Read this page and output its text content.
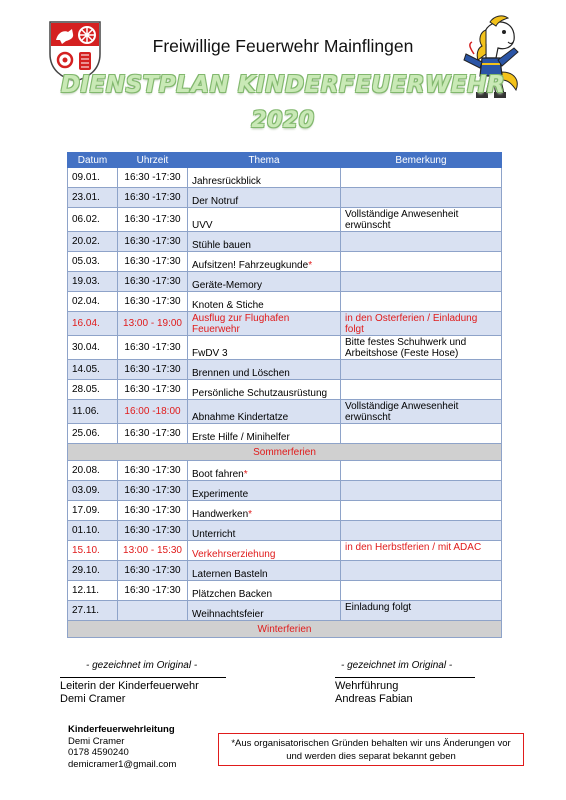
Freiwillige Feuerwehr Mainflingen
DIENSTPLAN KINDERFEUERWEHR
2020
Datum	Uhrzeit	Thema	Bemerkung
09.01.	16:30 -17:30	Jahresrückblick	
23.01.	16:30 -17:30	Der Notruf	
06.02.	16:30 -17:30	UVV	Vollständige Anwesenheit erwünscht
20.02.	16:30 -17:30	Stühle bauen	
05.03.	16:30 -17:30	Aufsitzen! Fahrzeugkunde*	
19.03.	16:30 -17:30	Geräte-Memory	
02.04.	16:30 -17:30	Knoten & Stiche	
16.04.	13:00 - 19:00	Ausflug zur Flughafen Feuerwehr	in den Osterferien / Einladung folgt
30.04.	16:30 -17:30	FwDV 3	Bitte festes Schuhwerk und Arbeitshose (Feste Hose)
14.05.	16:30 -17:30	Brennen und Löschen	
28.05.	16:30 -17:30	Persönliche Schutzausrüstung	
11.06.	16:00 -18:00	Abnahme Kindertatze	Vollständige Anwesenheit erwünscht
25.06.	16:30 -17:30	Erste Hilfe / Minihelfer	
Sommerferien			
20.08.	16:30 -17:30	Boot fahren*	
03.09.	16:30 -17:30	Experimente	
17.09.	16:30 -17:30	Handwerken*	
01.10.	16:30 -17:30	Unterricht	
15.10.	13:00 - 15:30	Verkehrserziehung	in den Herbstferien / mit ADAC
29.10.	16:30 -17:30	Laternen Basteln	
12.11.	16:30 -17:30	Plätzchen Backen	
27.11.		Weihnachtsfeier	Einladung folgt
Winterferien			
- gezeichnet im Original -
Leiterin der Kinderfeuerwehr
Demi Cramer
- gezeichnet im Original -
Wehrführung
Andreas Fabian
Kinderfeuerwehrleitung
Demi Cramer
0178 4590240
demicramer1@gmail.com
*Aus organisatorischen Gründen behalten wir uns Änderungen vor und werden dies separat bekannt geben
